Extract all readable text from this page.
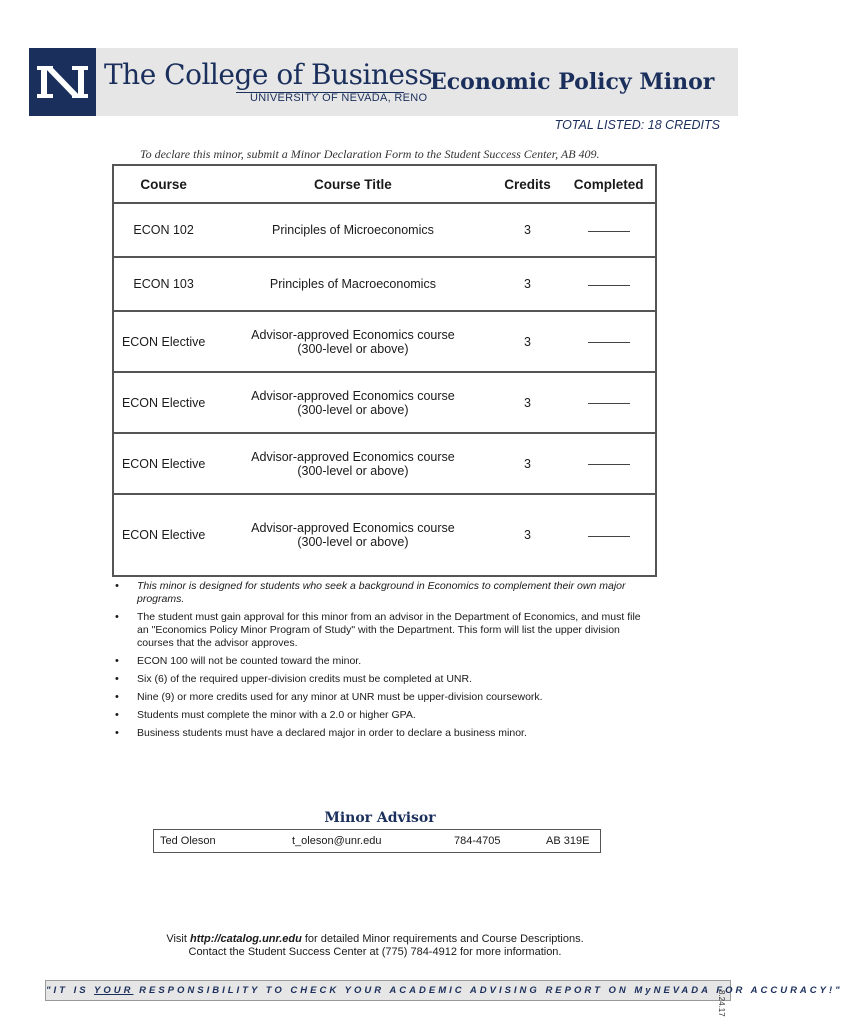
The College of Business
UNIVERSITY OF NEVADA, RENO
Economic Policy Minor
TOTAL LISTED: 18 CREDITS
To declare this minor, submit a Minor Declaration Form to the Student Success Center, AB 409.
Course	Course Title	Credits	Completed
ECON 102	Principles of Microeconomics	3	
ECON 103	Principles of Macroeconomics	3	
ECON Elective	Advisor-approved Economics course
(300-level or above)	3	
ECON Elective	Advisor-approved Economics course
(300-level or above)	3	
ECON Elective	Advisor-approved Economics course
(300-level or above)	3	
ECON Elective	Advisor-approved Economics course
(300-level or above)	3	
• This minor is designed for students who seek a background in Economics to complement their own major programs.
• The student must gain approval for this minor from an advisor in the Department of Economics, and must file an "Economics Policy Minor Program of Study" with the Department. This form will list the upper division courses that the advisor approves.
• ECON 100 will not be counted toward the minor.
• Six (6) of the required upper-division credits must be completed at UNR.
• Nine (9) or more credits used for any minor at UNR must be upper-division coursework.
• Students must complete the minor with a 2.0 or higher GPA.
• Business students must have a declared major in order to declare a business minor.
Minor Advisor
Ted Oleson	t_oleson@unr.edu	784-4705	AB 319E
Visit http://catalog.unr.edu for detailed Minor requirements and Course Descriptions.
Contact the Student Success Center at (775) 784-4912 for more information.
"IT IS YOUR RESPONSIBILITY TO CHECK YOUR ACADEMIC ADVISING REPORT ON MyNEVADA FOR ACCURACY!"
8.24.17
